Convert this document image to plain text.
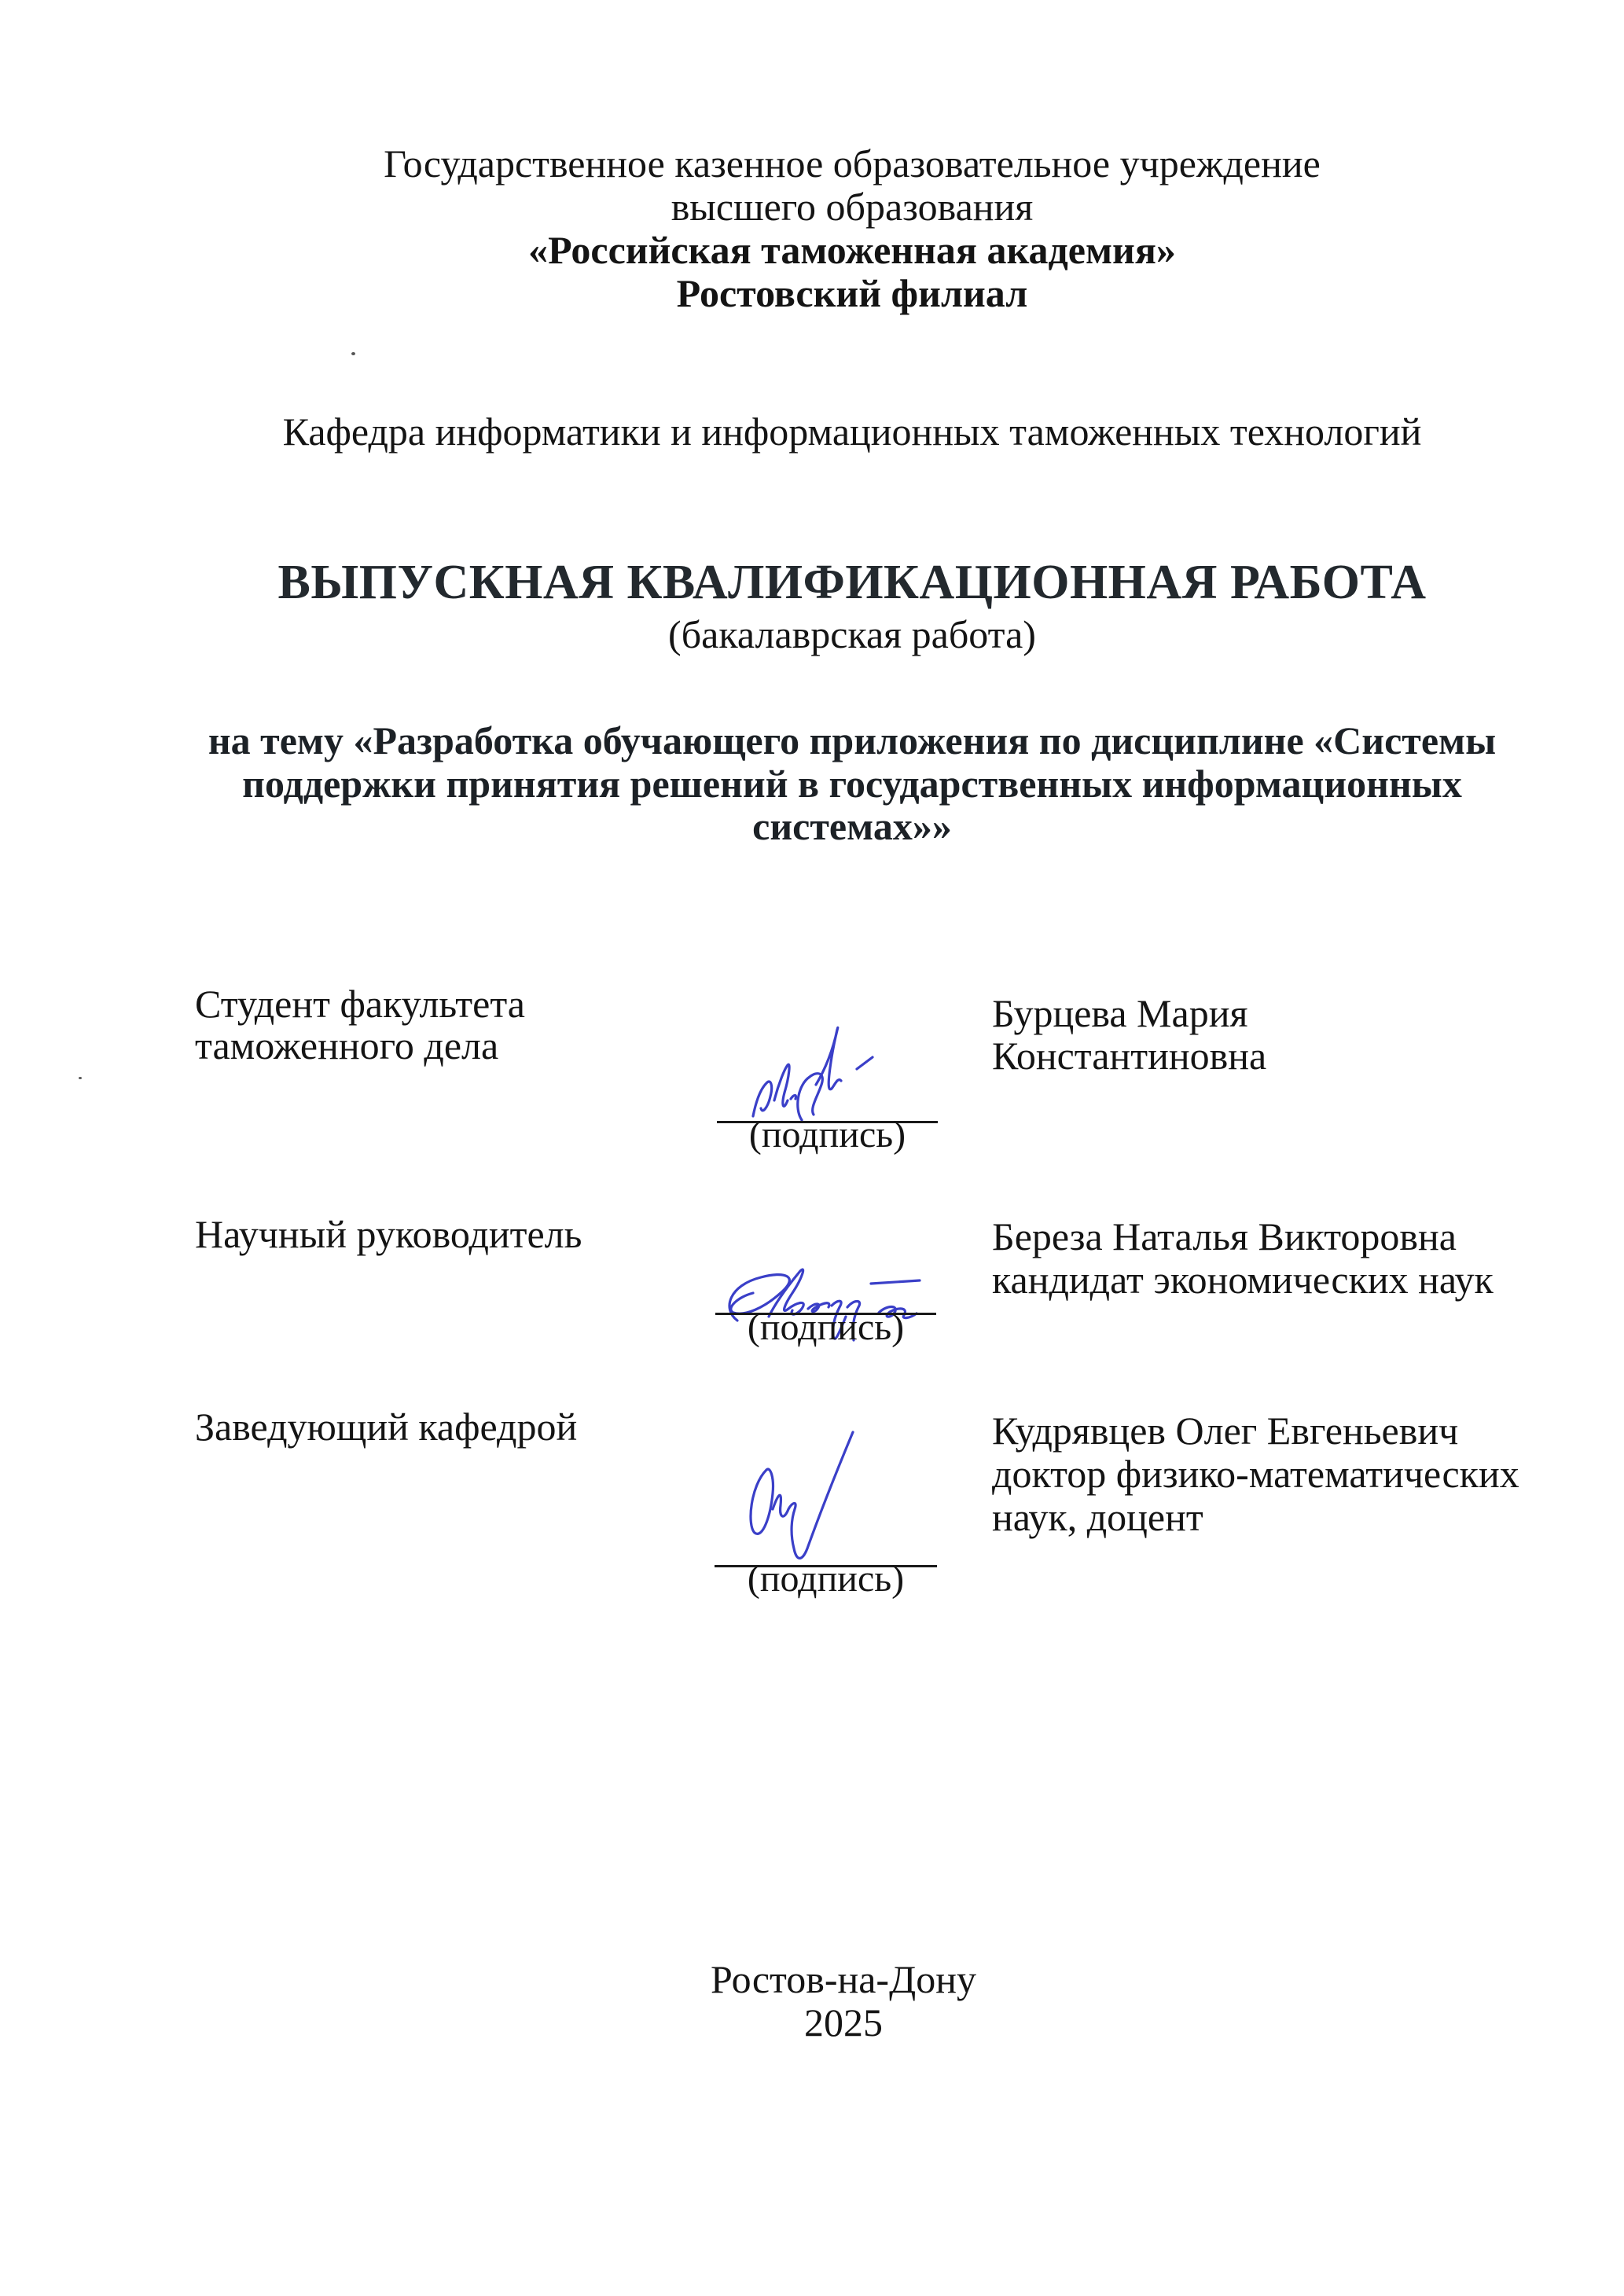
Государственное казенное образовательное учреждение
высшего образования
«Российская таможенная академия»
Ростовский филиал
Кафедра информатики и информационных таможенных технологий
ВЫПУСКНАЯ КВАЛИФИКАЦИОННАЯ РАБОТА
(бакалаврская работа)
на тему «Разработка обучающего приложения по дисциплине «Системы
поддержки принятия решений в государственных информационных
системах»»
Студент факультета
таможенного дела
(подпись)
Бурцева Мария
Константиновна
Научный руководитель
(подпись)
Береза Наталья Викторовна
кандидат экономических наук
Заведующий кафедрой
(подпись)
Кудрявцев Олег Евгеньевич
доктор физико-математических
наук, доцент
Ростов-на-Дону
2025
